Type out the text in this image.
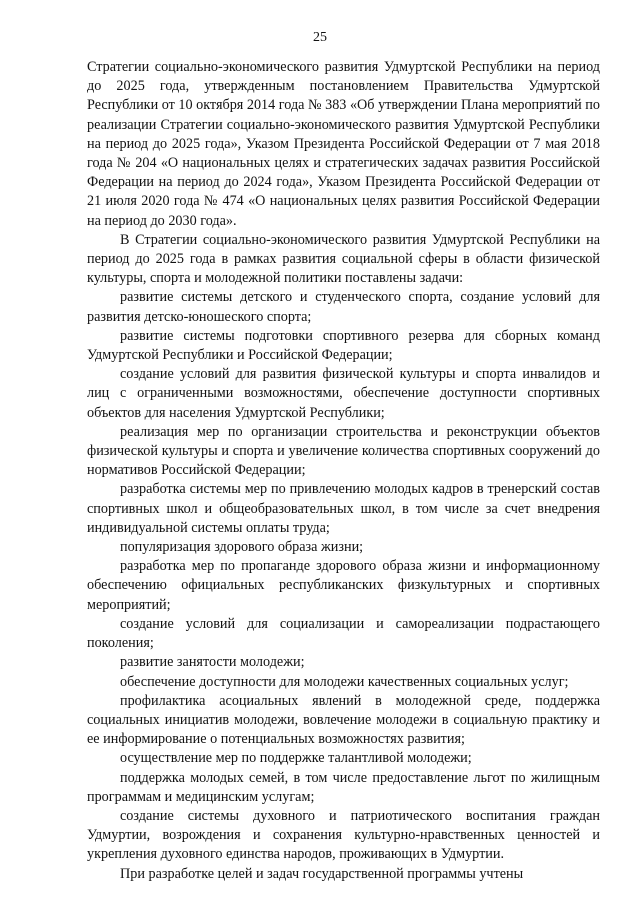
25

Стратегии социально-экономического развития Удмуртской Республики на период до 2025 года, утвержденным постановлением Правительства Удмуртской Республики от 10 октября 2014 года № 383 «Об утверждении Плана мероприятий по реализации Стратегии социально-экономического развития Удмуртской Республики на период до 2025 года», Указом Президента Российской Федерации от 7 мая 2018 года № 204 «О национальных целях и стратегических задачах развития Российской Федерации на период до 2024 года», Указом Президента Российской Федерации от 21 июля 2020 года № 474 «О национальных целях развития Российской Федерации на период до 2030 года».

В Стратегии социально-экономического развития Удмуртской Республики на период до 2025 года в рамках развития социальной сферы в области физической культуры, спорта и молодежной политики поставлены задачи:

развитие системы детского и студенческого спорта, создание условий для развития детско-юношеского спорта;

развитие системы подготовки спортивного резерва для сборных команд Удмуртской Республики и Российской Федерации;

создание условий для развития физической культуры и спорта инвалидов и лиц с ограниченными возможностями, обеспечение доступности спортивных объектов для населения Удмуртской Республики;

реализация мер по организации строительства и реконструкции объектов физической культуры и спорта и увеличение количества спортивных сооружений до нормативов Российской Федерации;

разработка системы мер по привлечению молодых кадров в тренерский состав спортивных школ и общеобразовательных школ, в том числе за счет внедрения индивидуальной системы оплаты труда;

популяризация здорового образа жизни;

разработка мер по пропаганде здорового образа жизни и информационному обеспечению официальных республиканских физкультурных и спортивных мероприятий;

создание условий для социализации и самореализации подрастающего поколения;

развитие занятости молодежи;

обеспечение доступности для молодежи качественных социальных услуг;

профилактика асоциальных явлений в молодежной среде, поддержка социальных инициатив молодежи, вовлечение молодежи в социальную практику и ее информирование о потенциальных возможностях развития;

осуществление мер по поддержке талантливой молодежи;

поддержка молодых семей, в том числе предоставление льгот по жилищным программам и медицинским услугам;

создание системы духовного и патриотического воспитания граждан Удмуртии, возрождения и сохранения культурно-нравственных ценностей и укрепления духовного единства народов, проживающих в Удмуртии.

При разработке целей и задач государственной программы учтены
